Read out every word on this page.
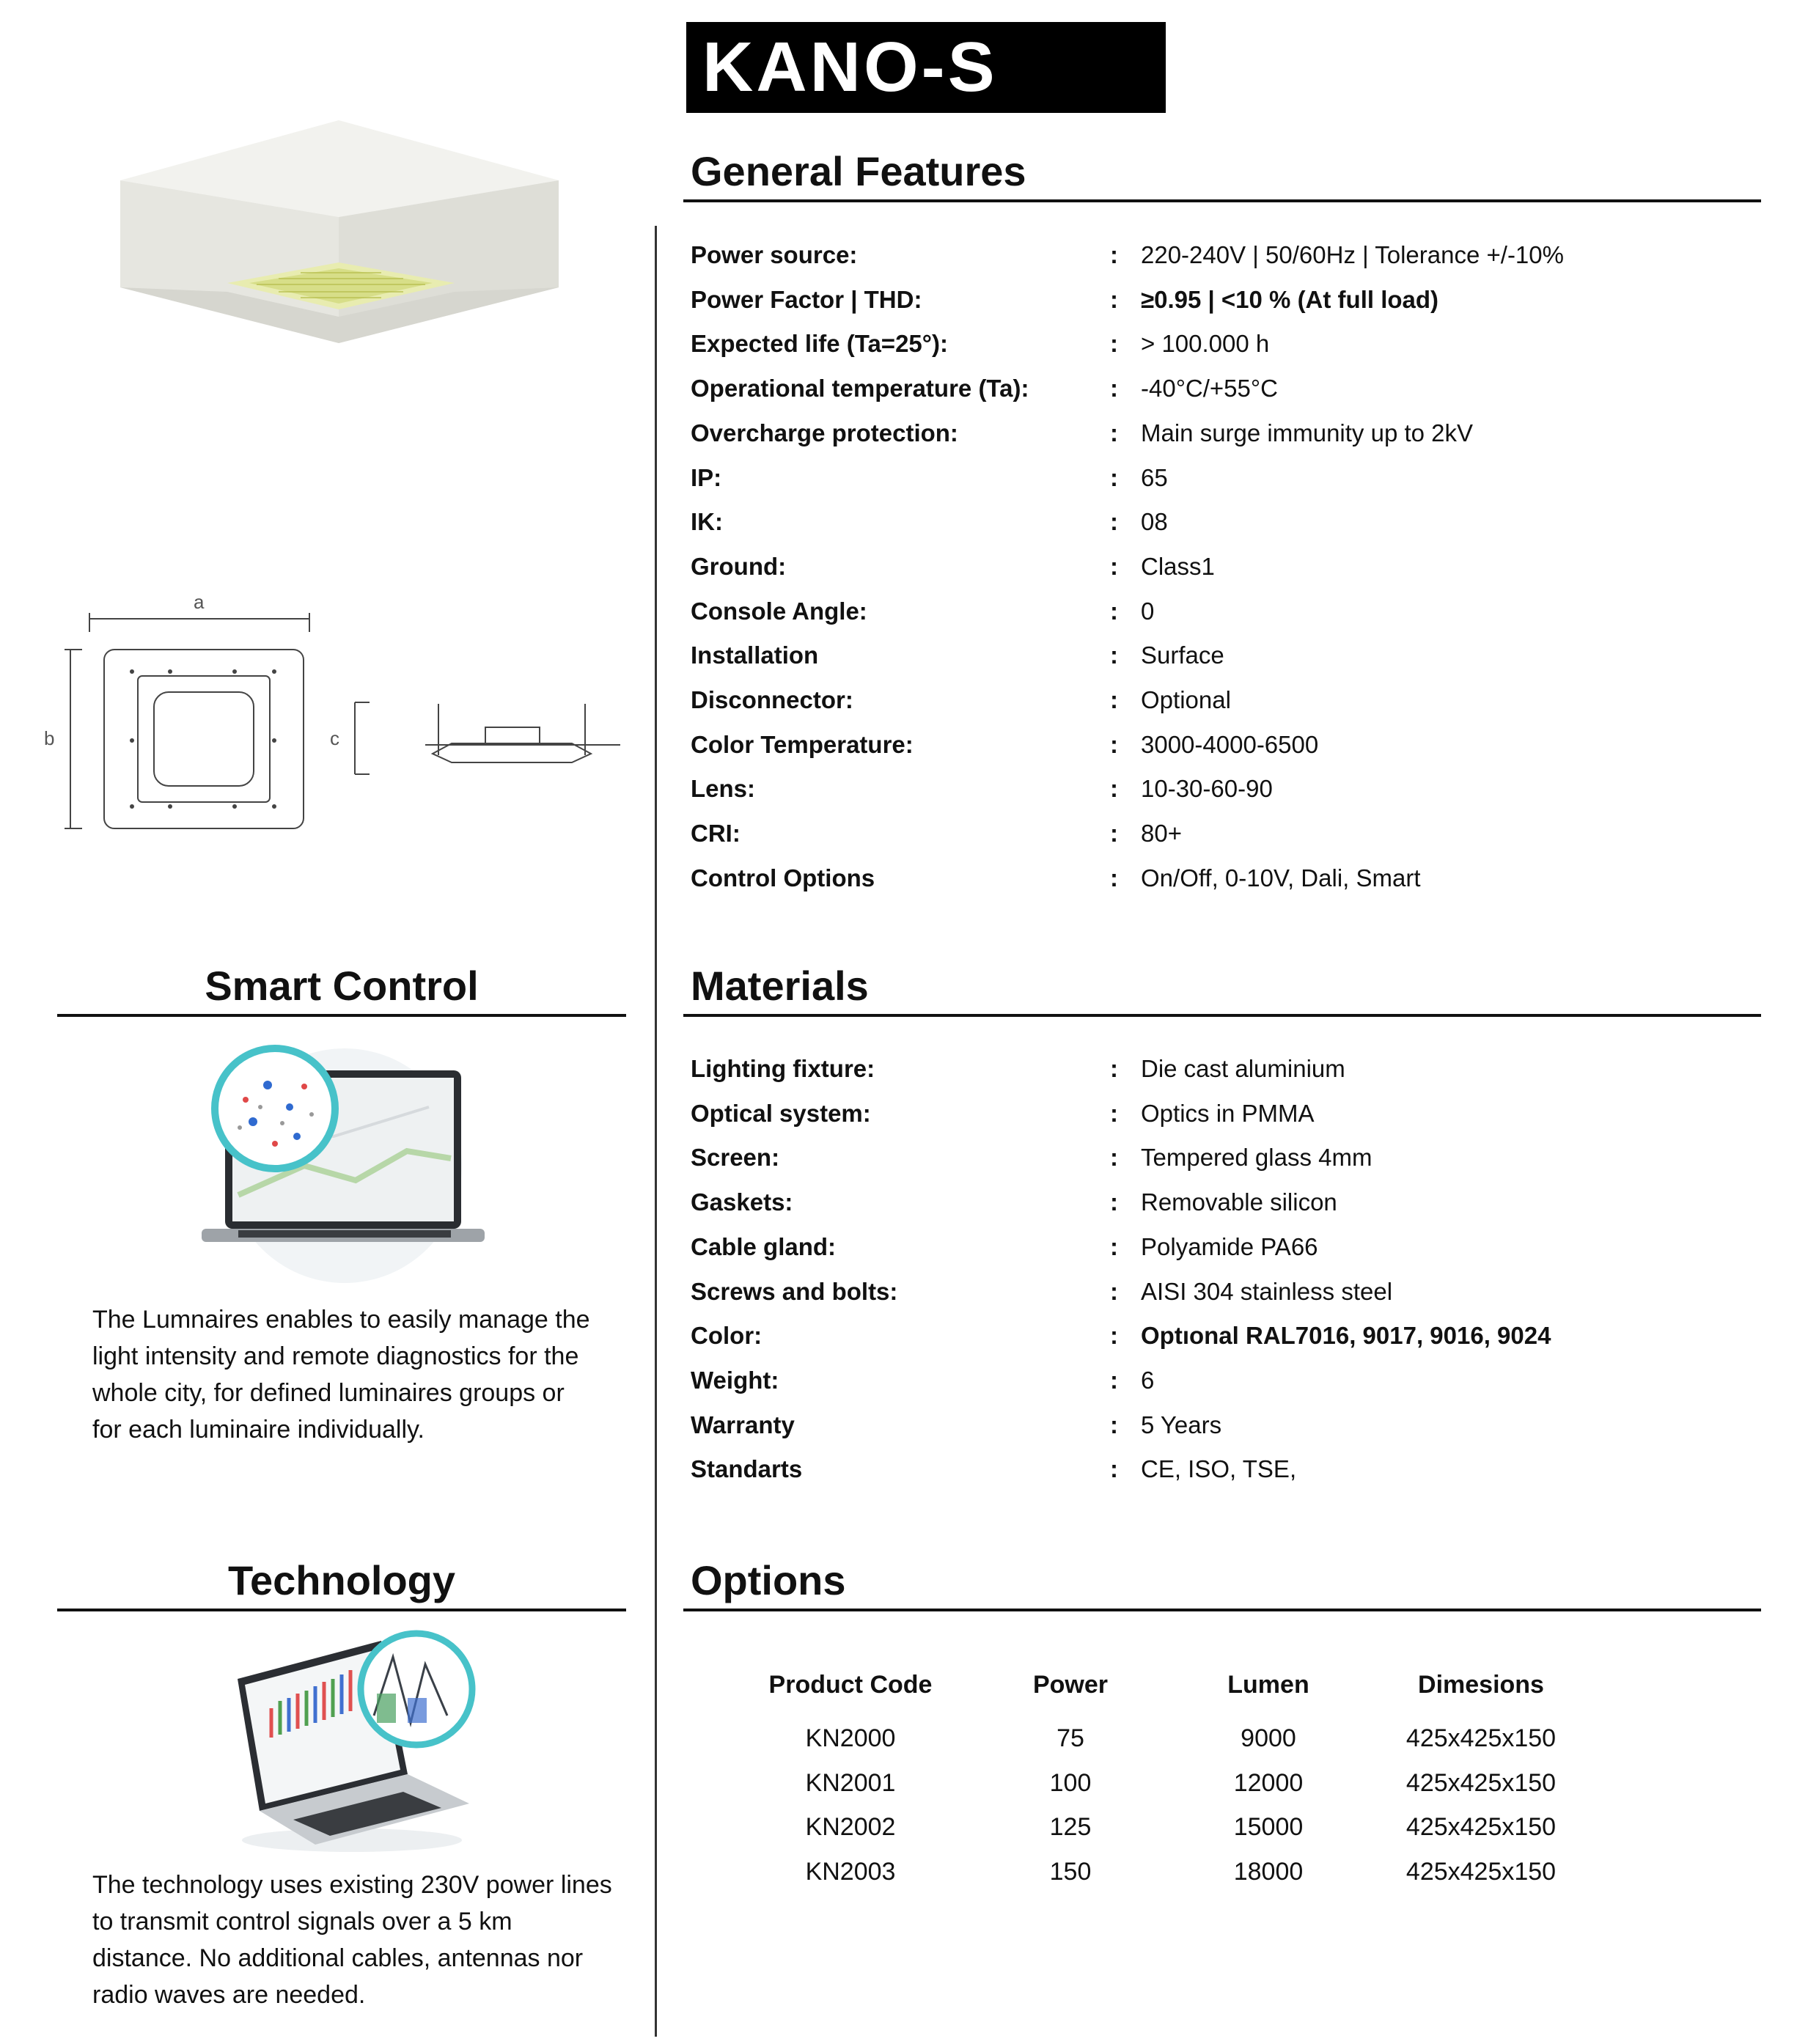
KANO-S
a
b	c
General Features
Power source:	: 220-240V | 50/60Hz | Tolerance +/-10%
Power Factor | THD:	: ≥0.95 | <10 % (At full load)
Expected life (Ta=25°):	: > 100.000 h
Operational temperature (Ta):	: -40°C/+55°C
Overcharge protection:	: Main surge immunity up to 2kV
IP:	: 65
IK:	: 08
Ground:	: Class1
Console Angle:	: 0
Installation	: Surface
Disconnector:	: Optional
Color Temperature:	: 3000-4000-6500
Lens:	: 10-30-60-90
CRI:	: 80+
Control Options	: On/Off, 0-10V, Dali, Smart
Materials
Lighting fixture:	: Die cast aluminium
Optical system:	: Optics in PMMA
Screen:	: Tempered glass 4mm
Gaskets:	: Removable silicon
Cable gland:	: Polyamide PA66
Screws and bolts:	: AISI 304 stainless steel
Color:	: Optıonal RAL7016, 9017, 9016, 9024
Weight:	: 6
Warranty	: 5 Years
Standarts	: CE, ISO, TSE,
Options
Product Code	Power	Lumen	Dimesions
KN2000	75	9000	425x425x150
KN2001	100	12000	425x425x150
KN2002	125	15000	425x425x150
KN2003	150	18000	425x425x150
Smart Control
The Lumnaires enables to easily manage the
light intensity and remote diagnostics for the
whole city, for defined luminaires groups or
for each luminaire individually.
Technology
The technology uses existing 230V power lines
to transmit control signals over a 5 km
distance. No additional cables, antennas nor
radio waves are needed.
